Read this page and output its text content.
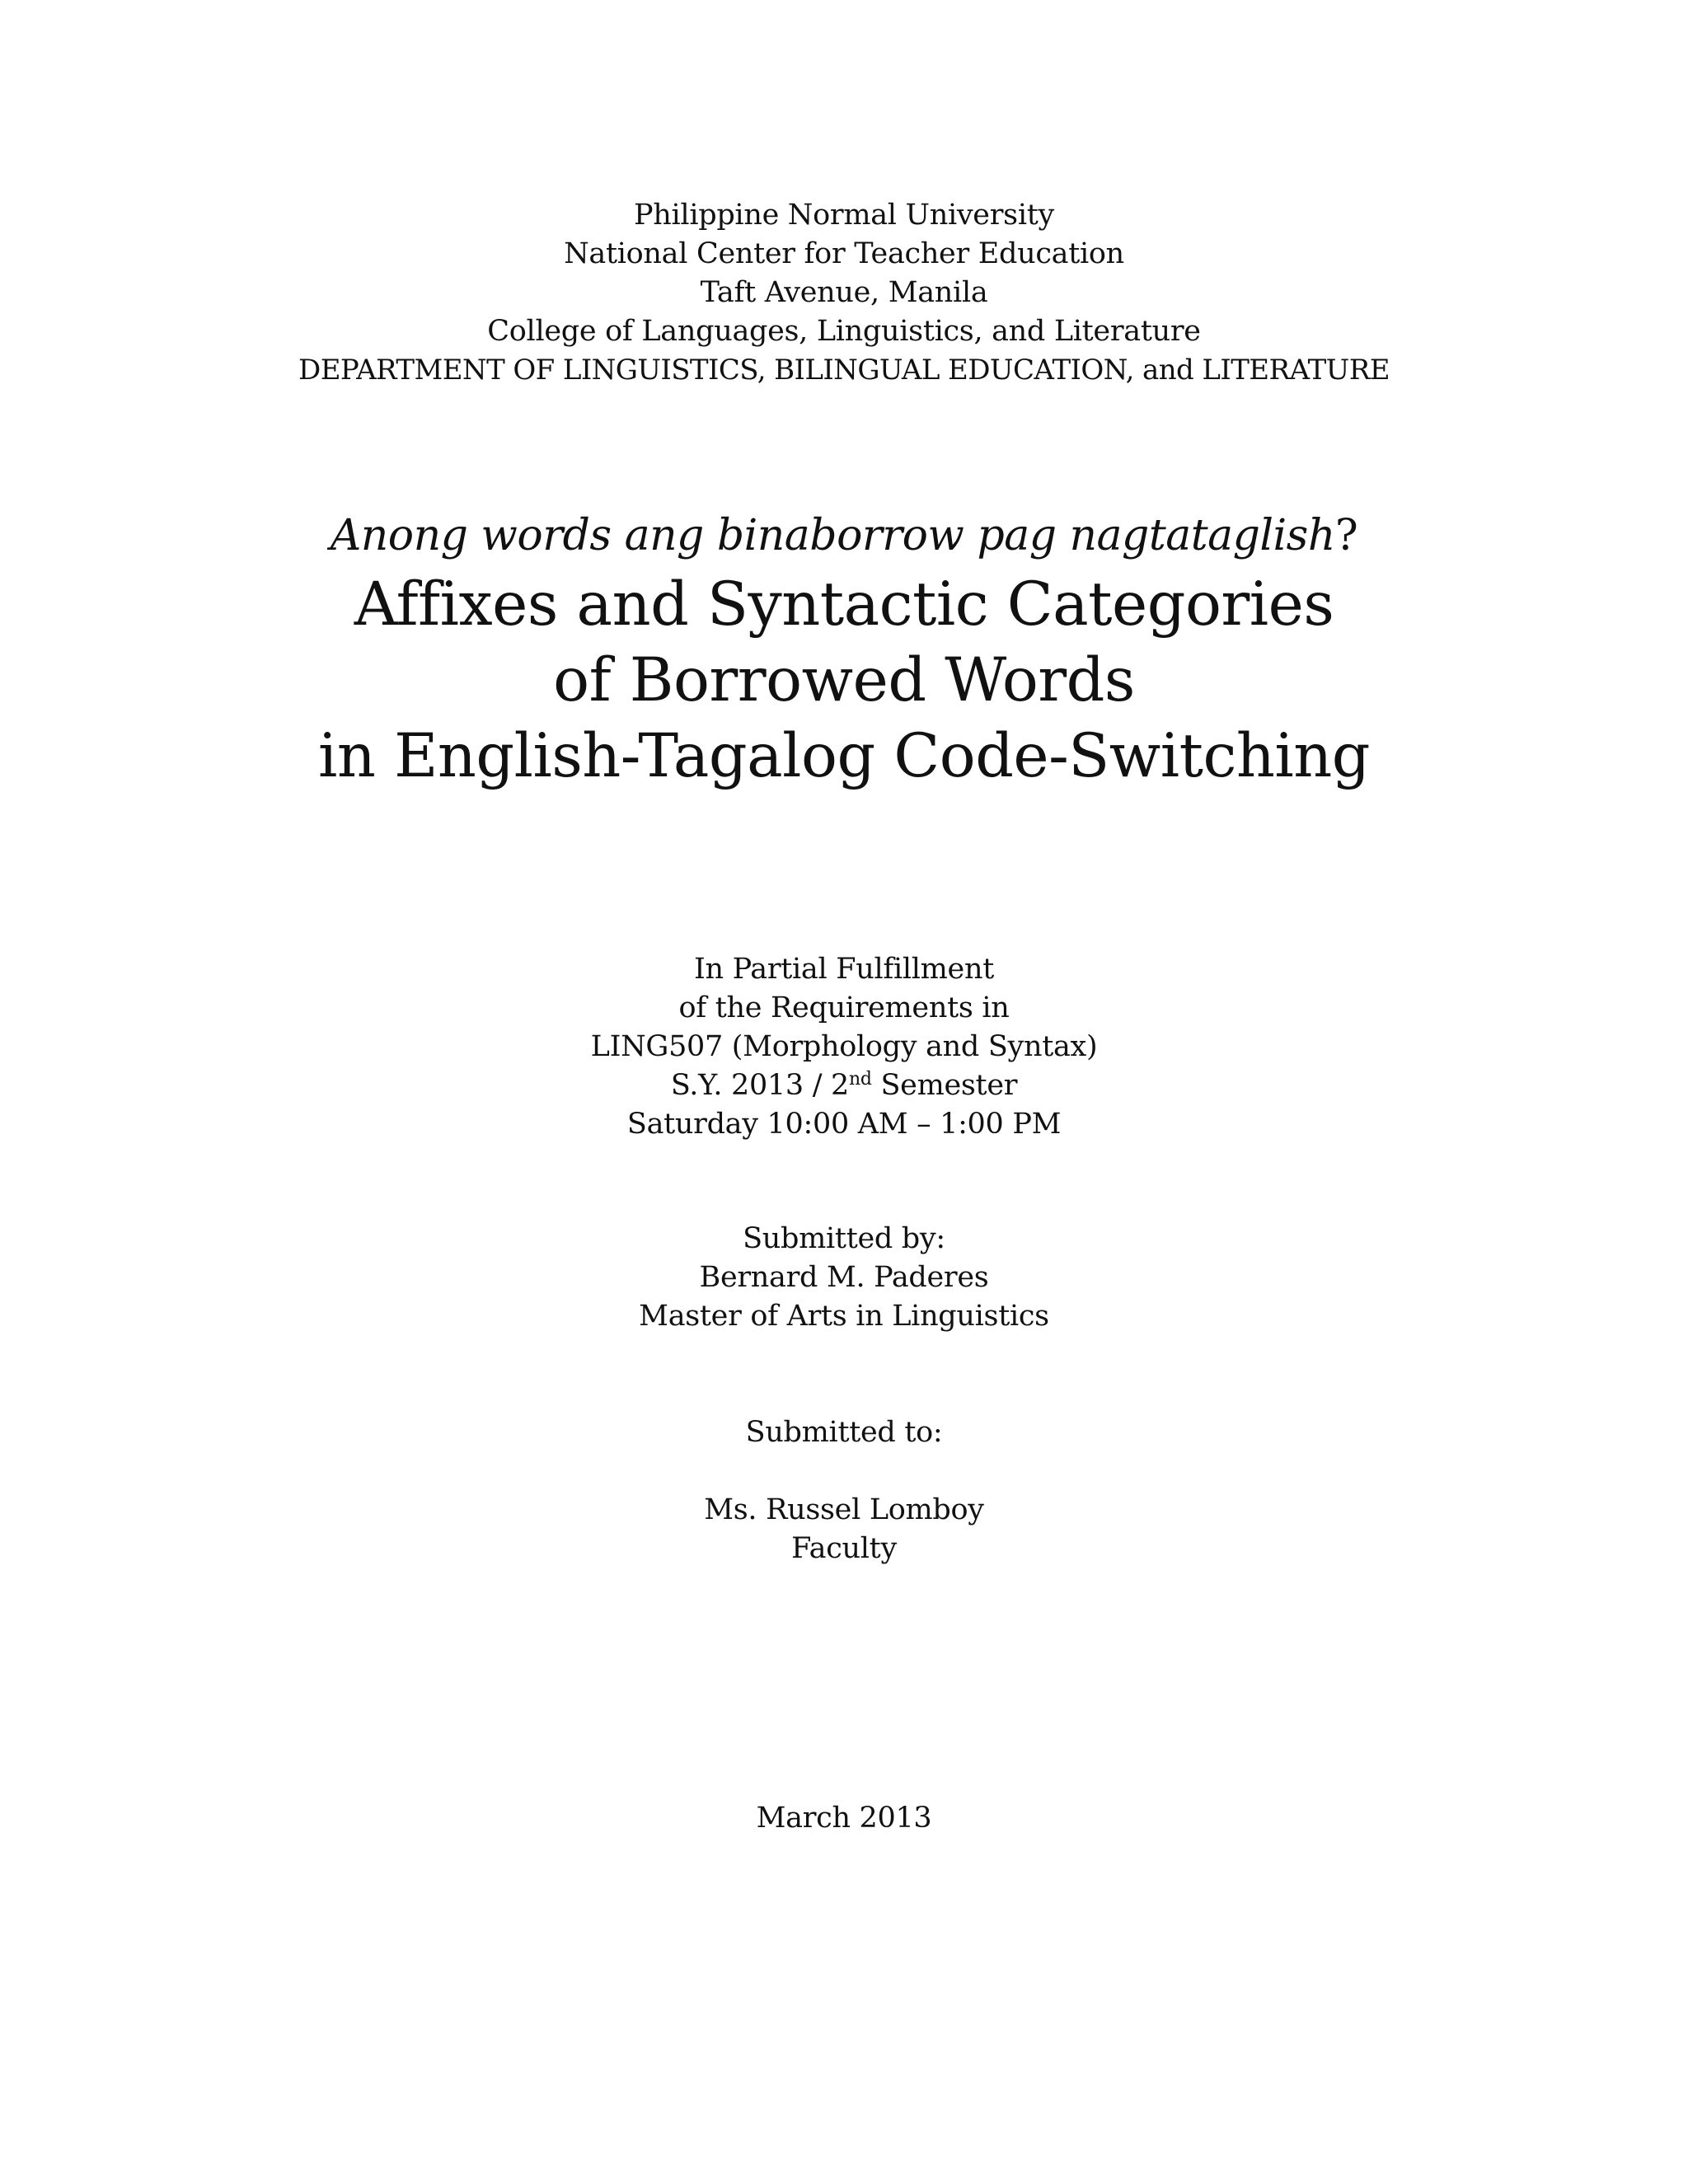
Philippine Normal University
National Center for Teacher Education
Taft Avenue, Manila
College of Languages, Linguistics, and Literature
DEPARTMENT OF LINGUISTICS, BILINGUAL EDUCATION, and LITERATURE
Anong words ang binaborrow pag nagtataglish?
Affixes and Syntactic Categories
of Borrowed Words
in English-Tagalog Code-Switching
In Partial Fulfillment
of the Requirements in
LING507 (Morphology and Syntax)
S.Y. 2013 / 2nd Semester
Saturday 10:00 AM – 1:00 PM
Submitted by:
Bernard M. Paderes
Master of Arts in Linguistics
Submitted to:
Ms. Russel Lomboy
Faculty
March 2013
